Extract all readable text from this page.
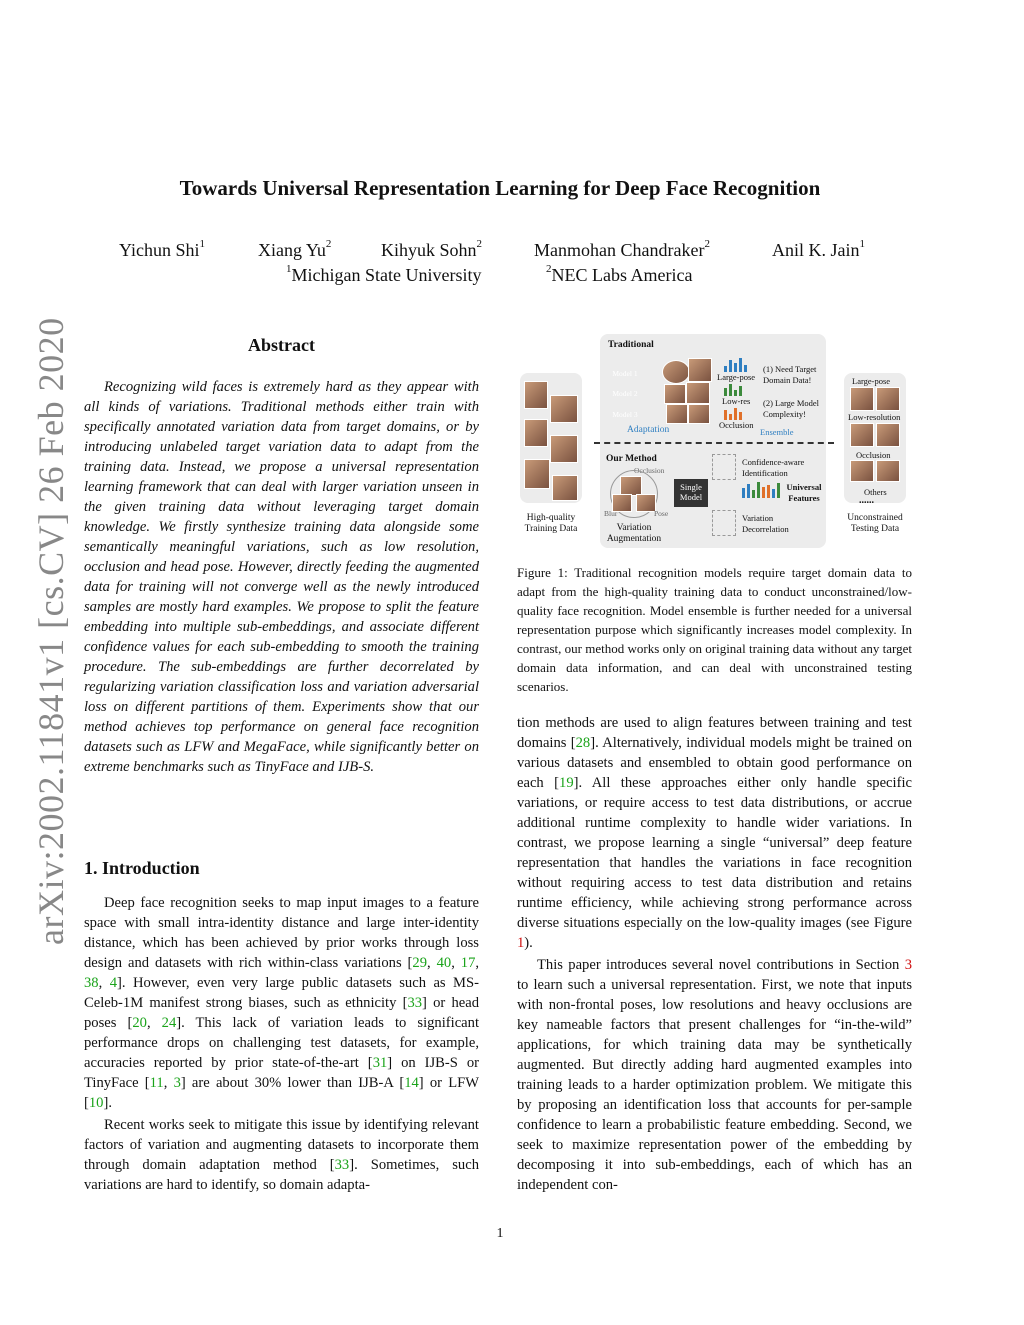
Towards Universal Representation Learning for Deep Face Recognition
Yichun Shi$^1$	Xiang Yu$^2$	Kihyuk Sohn$^2$	Manmohan Chandraker$^2$	Anil K. Jain$^1$
$^1$Michigan State University	$^2$NEC Labs America
arXiv:2002.11841v1 [cs.CV] 26 Feb 2020	Abstract

Recognizing wild faces is extremely hard as they appear with all kinds of variations. Traditional methods either train with specifically annotated variation data from target domains, or by introducing unlabeled target variation data to adapt from the training data. Instead, we propose a universal representation learning framework that can deal with larger variation unseen in the given training data without leveraging target domain knowledge. We firstly synthesize training data alongside some semantically meaningful variations, such as low resolution, occlusion and head pose. However, directly feeding the augmented data for training will not converge well as the newly introduced samples are mostly hard examples. We propose to split the feature embedding into multiple sub-embeddings, and associate different confidence values for each sub-embedding to smooth the training procedure. The sub-embeddings are further decorrelated by regularizing variation classification loss and variation adversarial loss on different partitions of them. Experiments show that our method achieves top performance on general face recognition datasets such as LFW and MegaFace, while significantly better on extreme benchmarks such as TinyFace and IJB-S.

1. Introduction

Deep face recognition seeks to map input images to a feature space with small intra-identity distance and large inter-identity distance, which has been achieved by prior works through loss design and datasets with rich within-class variations [29, 40, 17, 38, 4]. However, even very large public datasets such as MS-Celeb-1M manifest strong biases, such as ethnicity [33] or head poses [20, 24]. This lack of variation leads to significant performance drops on challenging test datasets, for example, accuracies reported by prior state-of-the-art [31] on IJB-S or TinyFace [11, 3] are about 30% lower than IJB-A [14] or LFW [10].

Recent works seek to mitigate this issue by identifying relevant factors of variation and augmenting datasets to incorporate them through domain adaptation method [33]. Sometimes, such variations are hard to identify, so domain adapta-

High-quality Training Data
Traditional
Model 1
Model 2
Model 3
Adaptation
Large-pose
Low-res
Occlusion
Ensemble
(1) Need Target Domain Data!
(2) Large Model Complexity!
Our Method
Occlusion
Blur	Pose
Variation Augmentation
Single Model
Confidence-aware Identification
Universal Features
Variation Decorrelation
Large-pose
Low-resolution
Occlusion
Others
......
Unconstrained Testing Data
Figure 1: Traditional recognition models require target domain data to adapt from the high-quality training data to conduct unconstrained/low-quality face recognition. Model ensemble is further needed for a universal representation purpose which significantly increases model complexity. In contrast, our method works only on original training data without any target domain data information, and can deal with unconstrained testing scenarios.

tion methods are used to align features between training and test domains [28]. Alternatively, individual models might be trained on various datasets and ensembled to obtain good performance on each [19]. All these approaches either only handle specific variations, or require access to test data distributions, or accrue additional runtime complexity to handle wider variations. In contrast, we propose learning a single “universal” deep feature representation that handles the variations in face recognition without requiring access to test data distribution and retains runtime efficiency, while achieving strong performance across diverse situations especially on the low-quality images (see Figure 1).

This paper introduces several novel contributions in Section 3 to learn such a universal representation. First, we note that inputs with non-frontal poses, low resolutions and heavy occlusions are key nameable factors that present challenges for “in-the-wild” applications, for which training data may be synthetically augmented. But directly adding hard augmented examples into training leads to a harder optimization problem. We mitigate this by proposing an identification loss that accounts for per-sample confidence to learn a probabilistic feature embedding. Second, we seek to maximize representation power of the embedding by decomposing it into sub-embeddings, each of which has an independent con-

1
